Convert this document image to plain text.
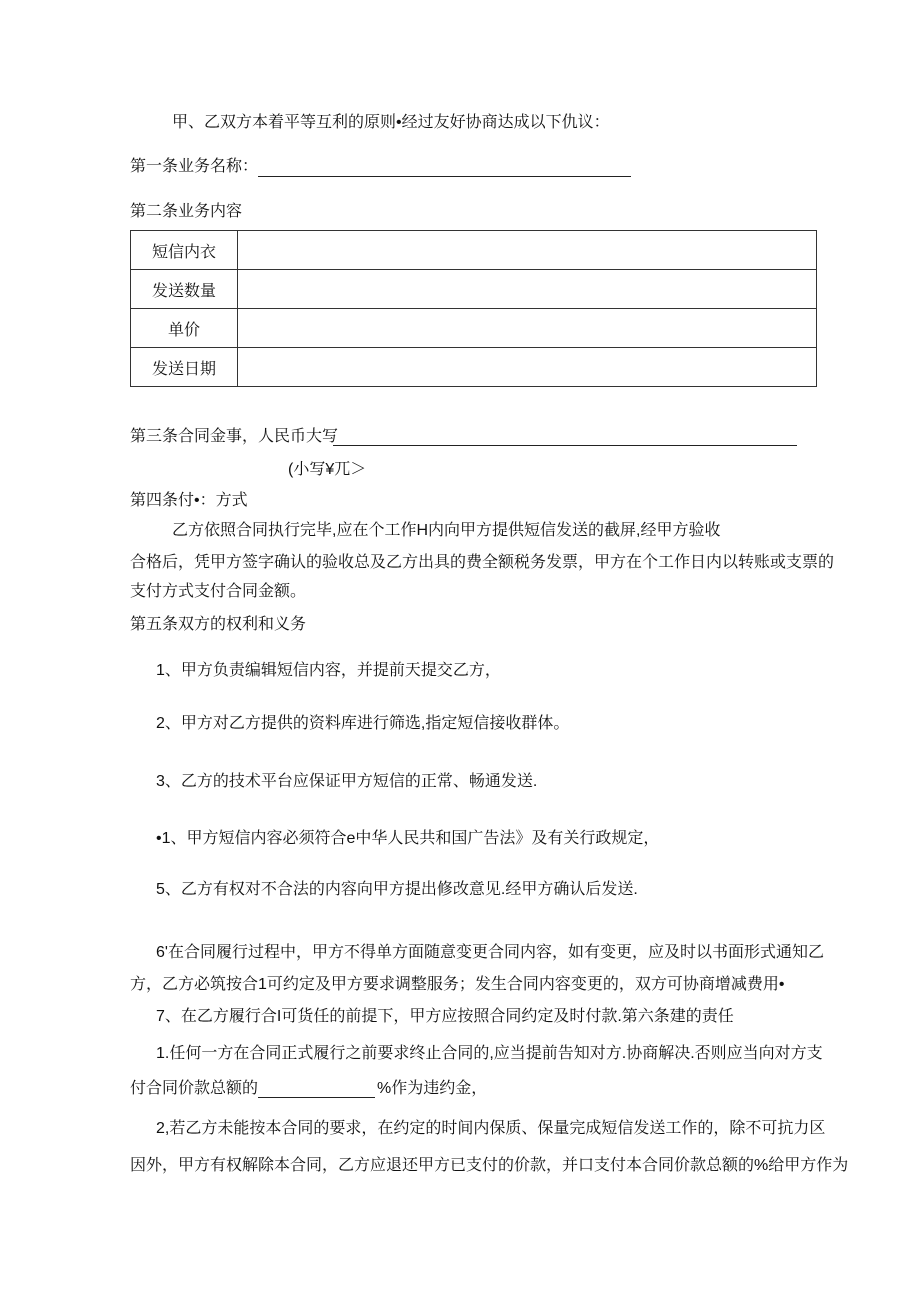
甲、乙双方本着平等互利的原则•经过友好协商达成以下仇议：
第一条业务名称：
第二条业务内容
短信内衣	
发送数量	
单价	
发送日期	
第三条合同金事，人民币大写
(小写¥兀＞
第四条付•：方式
乙方依照合同执行完毕,应在个工作H内向甲方提供短信发送的截屏,经甲方验收
合格后，凭甲方签字确认的验收总及乙方出具的费全额税务发票，甲方在个工作日内以转账或支票的
支付方式支付合同金额。
第五条双方的权利和义务
1、甲方负责编辑短信内容，并提前天提交乙方，
2、甲方对乙方提供的资料库进行筛选,指定短信接收群体。
3、乙方的技术平台应保证甲方短信的正常、畅通发送.
•1、甲方短信内容必须符合e中华人民共和国广告法》及有关行政规定，
5、乙方有权对不合法的内容向甲方提出修改意见.经甲方确认后发送.
6'在合同履行过程中，甲方不得单方面随意变更合同内容，如有变更，应及时以书面形式通知乙
方，乙方必筑按合1可约定及甲方要求调整服务；发生合同内容变更的，双方可协商增减费用•
7、在乙方履行合I可货任的前提下，甲方应按照合同约定及时付款.第六条建的责任
1.任何一方在合同正式履行之前要求终止合同的,应当提前告知对方.协商解决.否则应当向对方支
付合同价款总额的	%作为违约金，
2,若乙方未能按本合同的要求，在约定的时间内保质、保量完成短信发送工作的，除不可抗力区
因外，甲方有权解除本合同，乙方应退还甲方已支付的价款，并口支付本合同价款总额的%给甲方作为
